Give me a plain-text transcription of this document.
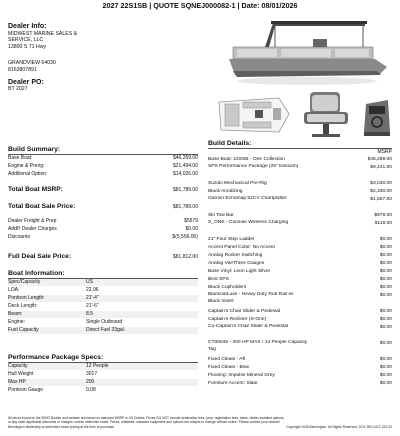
2027 22S1SB | QUOTE SQNEJ000082-1 | Date: 08/01/2026
Dealer Info:
MIDWEST MARINE SALES &
SERVICE, LLC
13800 S 71 Hwy
GRANDVIEW 64030
8163807891
Dealer PO:
BT 2027
Build Summary:
Base Boat:	$46,269.00
Engine & Prerig:	$21,494.00
Additional Option:	$14,026.00
Total Boat MSRP:	$81,789.00
Total Boat Sale Price:	$81,789.00
Dealer Freight & Prep	$5579
Addt'l Dealer Charges	$0.00
Discounts	$(5,556.00)
Full Deal Sale Price:	$81,812.00
Boat Information:
Spec/Capacity	US
LOA:	22.96
Pontoon Length:	21'-4"
Deck Length:	21'-6"
Beam:	8.5
Engine:	Single Outboard
Fuel Capacity	Direct Fuel 33gal.
Performance Package Specs:
Capacity	12 People
Hull Weight	3017
Max HP	200
Pontoon Gauge	0.08
Build Details:
MSRP
Base Boat: 22SSB - One Collection	$46,269.00
SPS Performance Package (25" transom)	$9,441.00
Suzuki Mechanical Pre-Rig	$3,030.00
Black Anodizing	$2,330.00
Garmin Echomap 52CV Chartplotter	$1,557.00
Ski Tow Bar	$979.00
S_ONE - Console Wireless Charging	$119.00
21" Four Step Ladder	$0.00
Accent Panel Color: No Accent	$0.00
Analog Rocker Switching	$0.00
Analog VeeThree Gauges	$0.00
Base Vinyl: Leon Light Silver	$0.00
Best SPS	$0.00
Black Cupholders	$0.00
BlackoutLuxe - Heavy Duty Rub Rail w/ Black Insert
$0.00
Captain's Chair Slider & Pedestal	$0.00
Captain's Recliner (S-One)	$0.00
Co-Captain's Chair Slider & Pedestal	$0.00
CT00046 - 200 HP MAX / 12 People Capacity Tag
$0.00
Fixed Cleats - Aft	$0.00
Fixed Cleats - Bow	$0.00
Flooring: Impulse Mineral Grey	$0.00
Furniture Accent: Slate	$0.00
All prices found on the BOAT Builder and website are based on standard MSRP in US Dollars. Prices DO NOT include destination fees, prep, registration fees, taxes, dealer installed options,
or any other applicable discounts or charges, unless otherwise noted. Prices, materials, standard equipment and options are subject to change without notice. Please contact your nearest
Bennington dealership to determine exact pricing at the time of purchase.	Copyright 2026 Bennington. All Rights Reserved. DOC REV-LEZ-222-02
